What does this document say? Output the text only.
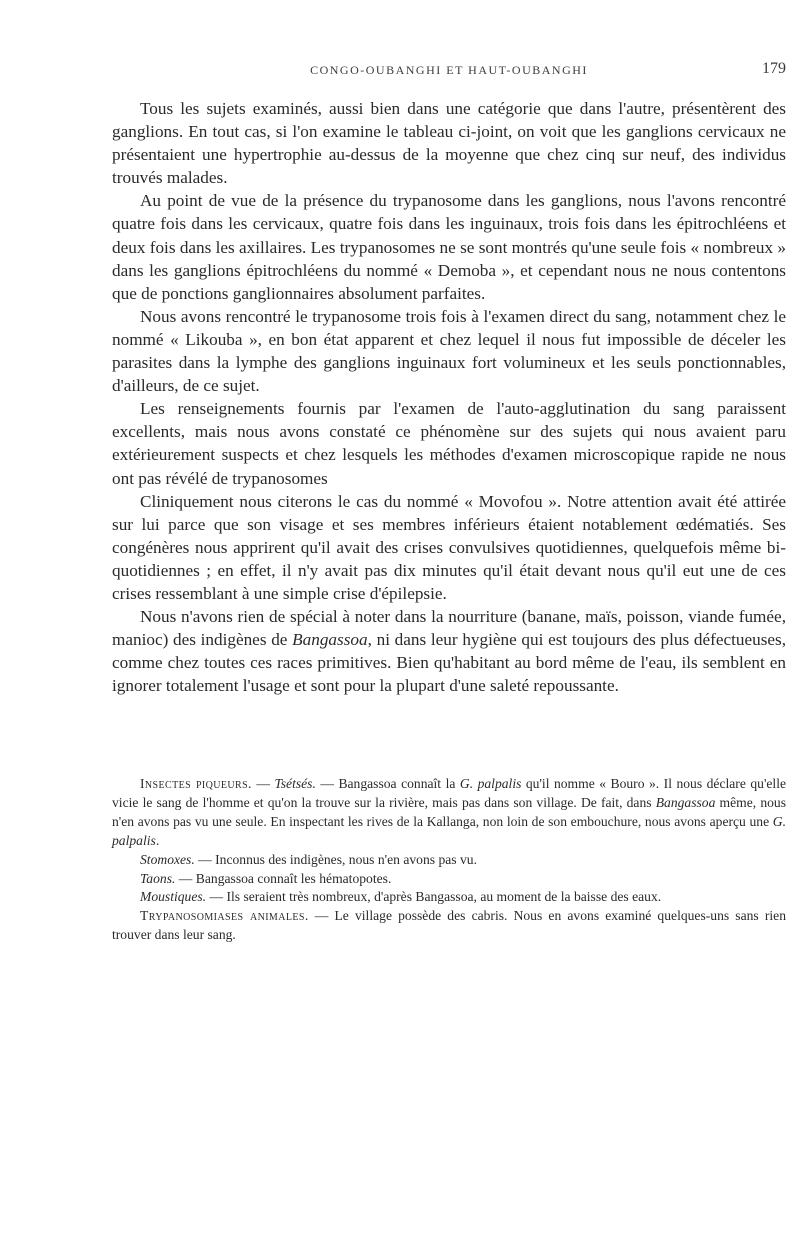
CONGO-OUBANGHI ET HAUT-OUBANGHI	179

Tous les sujets examinés, aussi bien dans une catégorie que dans l'autre, présentèrent des ganglions. En tout cas, si l'on examine le tableau ci-joint, on voit que les ganglions cervicaux ne présentaient une hypertrophie au-dessus de la moyenne que chez cinq sur neuf, des individus trouvés malades.

Au point de vue de la présence du trypanosome dans les ganglions, nous l'avons rencontré quatre fois dans les cervicaux, quatre fois dans les inguinaux, trois fois dans les épitrochléens et deux fois dans les axillaires. Les trypanosomes ne se sont montrés qu'une seule fois « nombreux » dans les ganglions épitrochléens du nommé « Demoba », et cependant nous ne nous contentons que de ponctions ganglionnaires absolument parfaites.

Nous avons rencontré le trypanosome trois fois à l'examen direct du sang, notamment chez le nommé « Likouba », en bon état apparent et chez lequel il nous fut impossible de déceler les parasites dans la lymphe des ganglions inguinaux fort volumineux et les seuls ponctionnables, d'ailleurs, de ce sujet.

Les renseignements fournis par l'examen de l'auto-agglutination du sang paraissent excellents, mais nous avons constaté ce phénomène sur des sujets qui nous avaient paru extérieurement suspects et chez lesquels les méthodes d'examen microscopique rapide ne nous ont pas révélé de trypanosomes

Cliniquement nous citerons le cas du nommé « Movofou ». Notre attention avait été attirée sur lui parce que son visage et ses membres inférieurs étaient notablement œdématiés. Ses congénères nous apprirent qu'il avait des crises convulsives quotidiennes, quelquefois même bi-quotidiennes ; en effet, il n'y avait pas dix minutes qu'il était devant nous qu'il eut une de ces crises ressemblant à une simple crise d'épilepsie.

Nous n'avons rien de spécial à noter dans la nourriture (banane, maïs, poisson, viande fumée, manioc) des indigènes de Bangassoa, ni dans leur hygiène qui est toujours des plus défectueuses, comme chez toutes ces races primitives. Bien qu'habitant au bord même de l'eau, ils semblent en ignorer totalement l'usage et sont pour la plupart d'une saleté repoussante.

Insectes piqueurs. — Tsétsés. — Bangassoa connaît la G. palpalis qu'il nomme « Bouro ». Il nous déclare qu'elle vicie le sang de l'homme et qu'on la trouve sur la rivière, mais pas dans son village. De fait, dans Bangassoa même, nous n'en avons pas vu une seule. En inspectant les rives de la Kallanga, non loin de son embouchure, nous avons aperçu une G. palpalis.

Stomoxes. — Inconnus des indigènes, nous n'en avons pas vu.

Taons. — Bangassoa connaît les hématopotes.

Moustiques. — Ils seraient très nombreux, d'après Bangassoa, au moment de la baisse des eaux.

Trypanosomiases animales. — Le village possède des cabris. Nous en avons examiné quelques-uns sans rien trouver dans leur sang.
